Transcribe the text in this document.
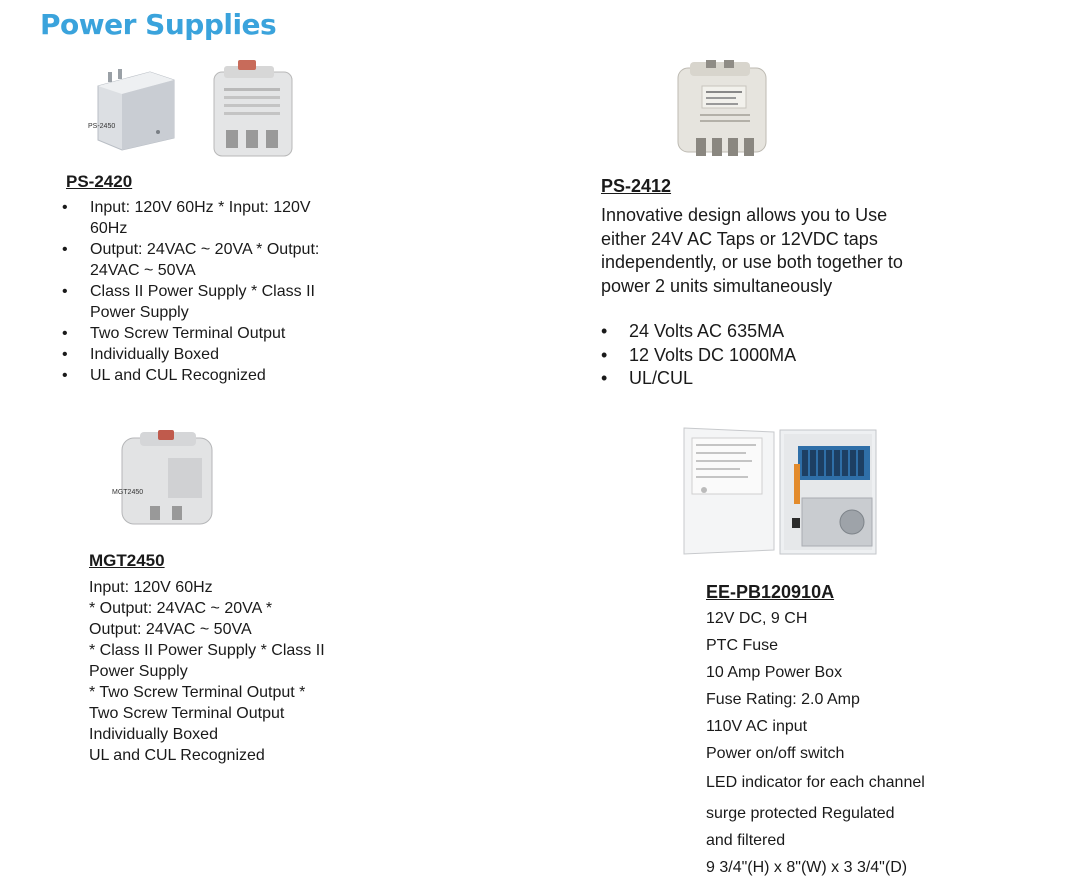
Power Supplies
PS-2450
PS-2420
• Input: 120V 60Hz * Input: 120V 60Hz
• Output: 24VAC ~ 20VA * Output: 24VAC ~ 50VA
• Class II Power Supply * Class II Power Supply
• Two Screw Terminal Output
• Individually Boxed
• UL and CUL Recognized
PS-2412
Innovative design allows you to Use either 24V AC Taps or 12VDC taps independently, or use both together to power 2 units simultaneously
• 24 Volts AC 635MA
• 12 Volts DC 1000MA
• UL/CUL
MGT2450
MGT2450
Input: 120V 60Hz
* Output: 24VAC ~ 20VA *
Output: 24VAC ~ 50VA
* Class II Power Supply * Class II
Power Supply
* Two Screw Terminal Output *
Two Screw Terminal Output
Individually Boxed
UL and CUL Recognized
EE-PB120910A
12V DC, 9 CH
PTC Fuse
10 Amp Power Box
Fuse Rating: 2.0 Amp
110V AC input
Power on/off switch
LED indicator for each channel
surge protected Regulated
and filtered
9 3/4"(H) x 8"(W) x 3 3/4"(D)
